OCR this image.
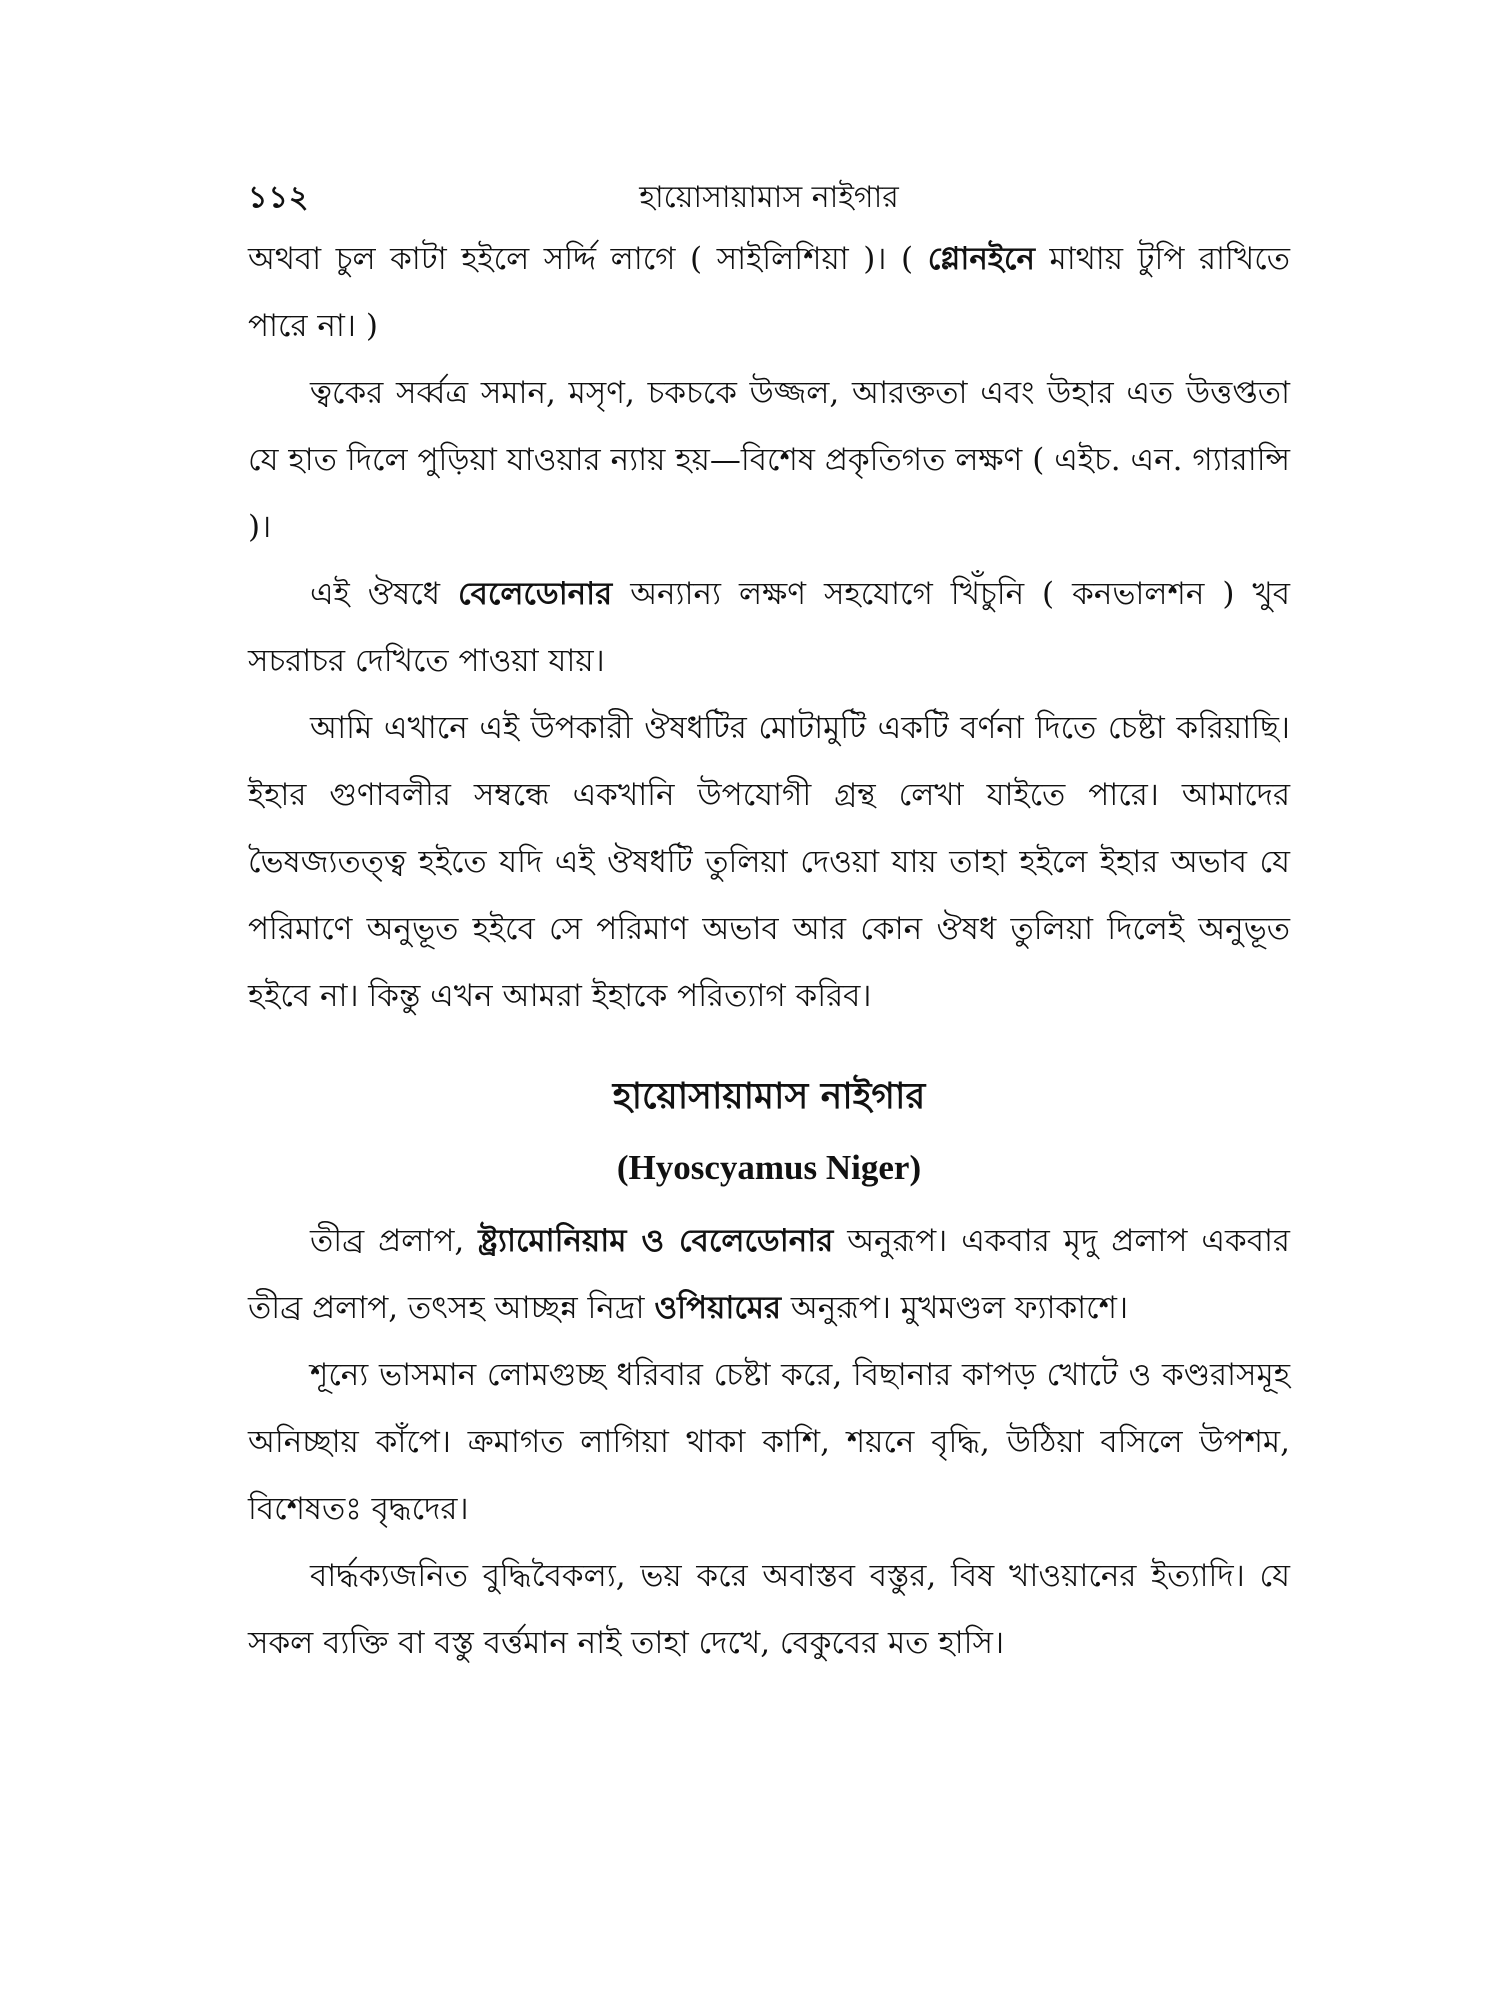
১১২	হায়োসায়ামাস নাইগার

অথবা চুল কাটা হইলে সর্দ্দি লাগে ( সাইলিশিয়া )। ( গ্লোনইনে মাথায় টুপি রাখিতে পারে না। )

ত্বকের সর্ব্বত্র সমান, মসৃণ, চকচকে উজ্জল, আরক্ততা এবং উহার এত উত্তপ্ততা যে হাত দিলে পুড়িয়া যাওয়ার ন্যায় হয়—বিশেষ প্রকৃতিগত লক্ষণ ( এইচ. এন. গ্যারান্সি )।

এই ঔষধে বেলেডোনার অন্যান্য লক্ষণ সহযোগে খিঁচুনি ( কনভালশন ) খুব সচরাচর দেখিতে পাওয়া যায়।

আমি এখানে এই উপকারী ঔষধটির মোটামুটি একটি বর্ণনা দিতে চেষ্টা করিয়াছি। ইহার গুণাবলীর সম্বন্ধে একখানি উপযোগী গ্রন্থ লেখা যাইতে পারে। আমাদের ভৈষজ্যতত্ত্ব হইতে যদি এই ঔষধটি তুলিয়া দেওয়া যায় তাহা হইলে ইহার অভাব যে পরিমাণে অনুভূত হইবে সে পরিমাণ অভাব আর কোন ঔষধ তুলিয়া দিলেই অনুভূত হইবে না। কিন্তু এখন আমরা ইহাকে পরিত্যাগ করিব।

হায়োসায়ামাস নাইগার
(Hyoscyamus Niger)

তীব্র প্রলাপ, ষ্ট্র্যামোনিয়াম ও বেলেডোনার অনুরূপ। একবার মৃদু প্রলাপ একবার তীব্র প্রলাপ, তৎসহ আচ্ছন্ন নিদ্রা ওপিয়ামের অনুরূপ। মুখমণ্ডল ফ্যাকাশে।

শূন্যে ভাসমান লোমগুচ্ছ ধরিবার চেষ্টা করে, বিছানার কাপড় খোটে ও কণ্ডরাসমূহ অনিচ্ছায় কাঁপে। ক্রমাগত লাগিয়া থাকা কাশি, শয়নে বৃদ্ধি, উঠিয়া বসিলে উপশম, বিশেষতঃ বৃদ্ধদের।

বার্দ্ধক্যজনিত বুদ্ধিবৈকল্য, ভয় করে অবাস্তব বস্তুর, বিষ খাওয়ানের ইত্যাদি। যে সকল ব্যক্তি বা বস্তু বর্ত্তমান নাই তাহা দেখে, বেকুবের মত হাসি।
